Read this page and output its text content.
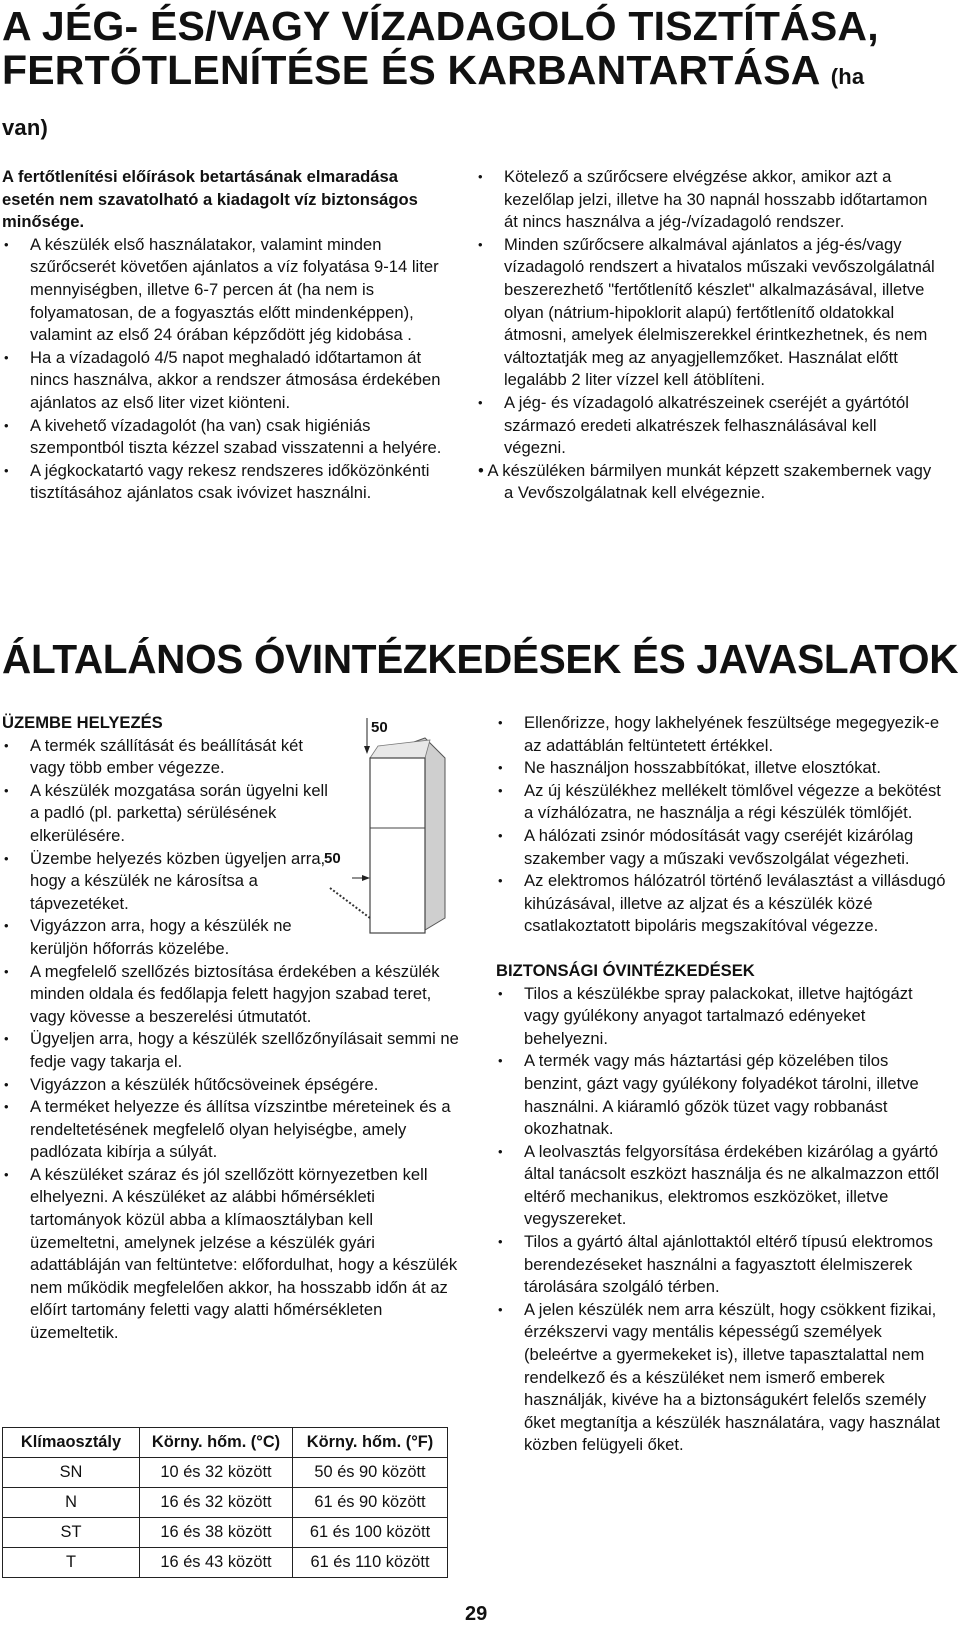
A JÉG- ÉS/VAGY VÍZADAGOLÓ TISZTÍTÁSA, FERTŐTLENÍTÉSE ÉS KARBANTARTÁSA (ha van)

A fertőtlenítési előírások betartásának elmaradása esetén nem szavatolható a kiadagolt víz biztonságos minősége.

• A készülék első használatakor, valamint minden szűrőcserét követően ajánlatos a víz folyatása 9-14 liter mennyiségben, illetve 6-7 percen át (ha nem is folyamatosan, de a fogyasztás előtt mindenképpen), valamint az első 24 órában képződött jég kidobása .
• Ha a vízadagoló 4/5 napot meghaladó időtartamon át nincs használva, akkor a rendszer átmosása érdekében ajánlatos az első liter vizet kiönteni.
• A kivehető vízadagolót (ha van) csak higiéniás szempontból tiszta kézzel szabad visszatenni a helyére.
• A jégkockatartó vagy rekesz rendszeres időközönkénti tisztításához ajánlatos csak ivóvizet használni.
• Kötelező a szűrőcsere elvégzése akkor, amikor azt a kezelőlap jelzi, illetve ha 30 napnál hosszabb időtartamon át nincs használva a jég-/vízadagoló rendszer.
• Minden szűrőcsere alkalmával ajánlatos a jég-és/vagy vízadagoló rendszert a hivatalos műszaki vevőszolgálatnál beszerezhető "fertőtlenítő készlet" alkalmazásával, illetve olyan (nátrium-hipoklorit alapú) fertőtlenítő oldatokkal átmosni, amelyek élelmiszerekkel érintkezhetnek, és nem változtatják meg az anyagjellemzőket. Használat előtt legalább 2 liter vízzel kell átöblíteni.
• A jég- és vízadagoló alkatrészeinek cseréjét a gyártótól származó eredeti alkatrészek felhasználásával kell végezni.
• A készüléken bármilyen munkát képzett szakembernek vagy a Vevőszolgálatnak kell elvégeznie.
ÁLTALÁNOS ÓVINTÉZKEDÉSEK ÉS JAVASLATOK

ÜZEMBE HELYEZÉS

• A termék szállítását és beállítását két vagy több ember végezze.
• A készülék mozgatása során ügyelni kell a padló (pl. parketta) sérülésének elkerülésére.
• Üzembe helyezés közben ügyeljen arra, hogy a készülék ne károsítsa a tápvezetéket.
• Vigyázzon arra, hogy a készülék ne kerüljön hőforrás közelébe.
• A megfelelő szellőzés biztosítása érdekében a készülék minden oldala és fedőlapja felett hagyjon szabad teret, vagy kövesse a beszerelési útmutatót.
• Ügyeljen arra, hogy a készülék szellőzőnyílásait semmi ne fedje vagy takarja el.
• Vigyázzon a készülék hűtőcsöveinek épségére.
• A terméket helyezze és állítsa vízszintbe méreteinek és a rendeltetésének megfelelő olyan helyiségbe, amely padlózata kibírja a súlyát.
• A készüléket száraz és jól szellőzött környezetben kell elhelyezni. A készüléket az alábbi hőmérsékleti tartományok közül abba a klímaosztályban kell üzemeltetni, amelynek jelzése a készülék gyári adattábláján van feltüntetve: előfordulhat, hogy a készülék nem működik megfelelően akkor, ha hosszabb időn át az előírt tartomány feletti vagy alatti hőmérsékleten üzemeltetik.
50
50
Klímaosztály	Körny. hőm. (°C)	Körny. hőm. (°F)
SN	10 és 32 között	50 és 90 között
N	16 és 32 között	61 és 90 között
ST	16 és 38 között	61 és 100 között
T	16 és 43 között	61 és 110 között
• Ellenőrizze, hogy lakhelyének feszültsége megegyezik-e az adattáblán feltüntetett értékkel.
• Ne használjon hosszabbítókat, illetve elosztókat.
• Az új készülékhez mellékelt tömlővel végezze a bekötést a vízhálózatra, ne használja a régi készülék tömlőjét.
• A hálózati zsinór módosítását vagy cseréjét kizárólag szakember vagy a műszaki vevőszolgálat végezheti.
• Az elektromos hálózatról történő leválasztást a villásdugó kihúzásával, illetve az aljzat és a készülék közé csatlakoztatott bipoláris megszakítóval végezze.

BIZTONSÁGI ÓVINTÉZKEDÉSEK

• Tilos a készülékbe spray palackokat, illetve hajtógázt vagy gyúlékony anyagot tartalmazó edényeket behelyezni.
• A termék vagy más háztartási gép közelében tilos benzint, gázt vagy gyúlékony folyadékot tárolni, illetve használni. A kiáramló gőzök tüzet vagy robbanást okozhatnak.
• A leolvasztás felgyorsítása érdekében kizárólag a gyártó által tanácsolt eszközt használja és ne alkalmazzon ettől eltérő mechanikus, elektromos eszközöket, illetve vegyszereket.
• Tilos a gyártó által ajánlottaktól eltérő típusú elektromos berendezéseket használni a fagyasztott élelmiszerek tárolására szolgáló térben.
• A jelen készülék nem arra készült, hogy csökkent fizikai, érzékszervi vagy mentális képességű személyek (beleértve a gyermekeket is), illetve tapasztalattal nem rendelkező és a készüléket nem ismerő emberek használják, kivéve ha a biztonságukért felelős személy őket megtanítja a készülék használatára, vagy használat közben felügyeli őket.
29
